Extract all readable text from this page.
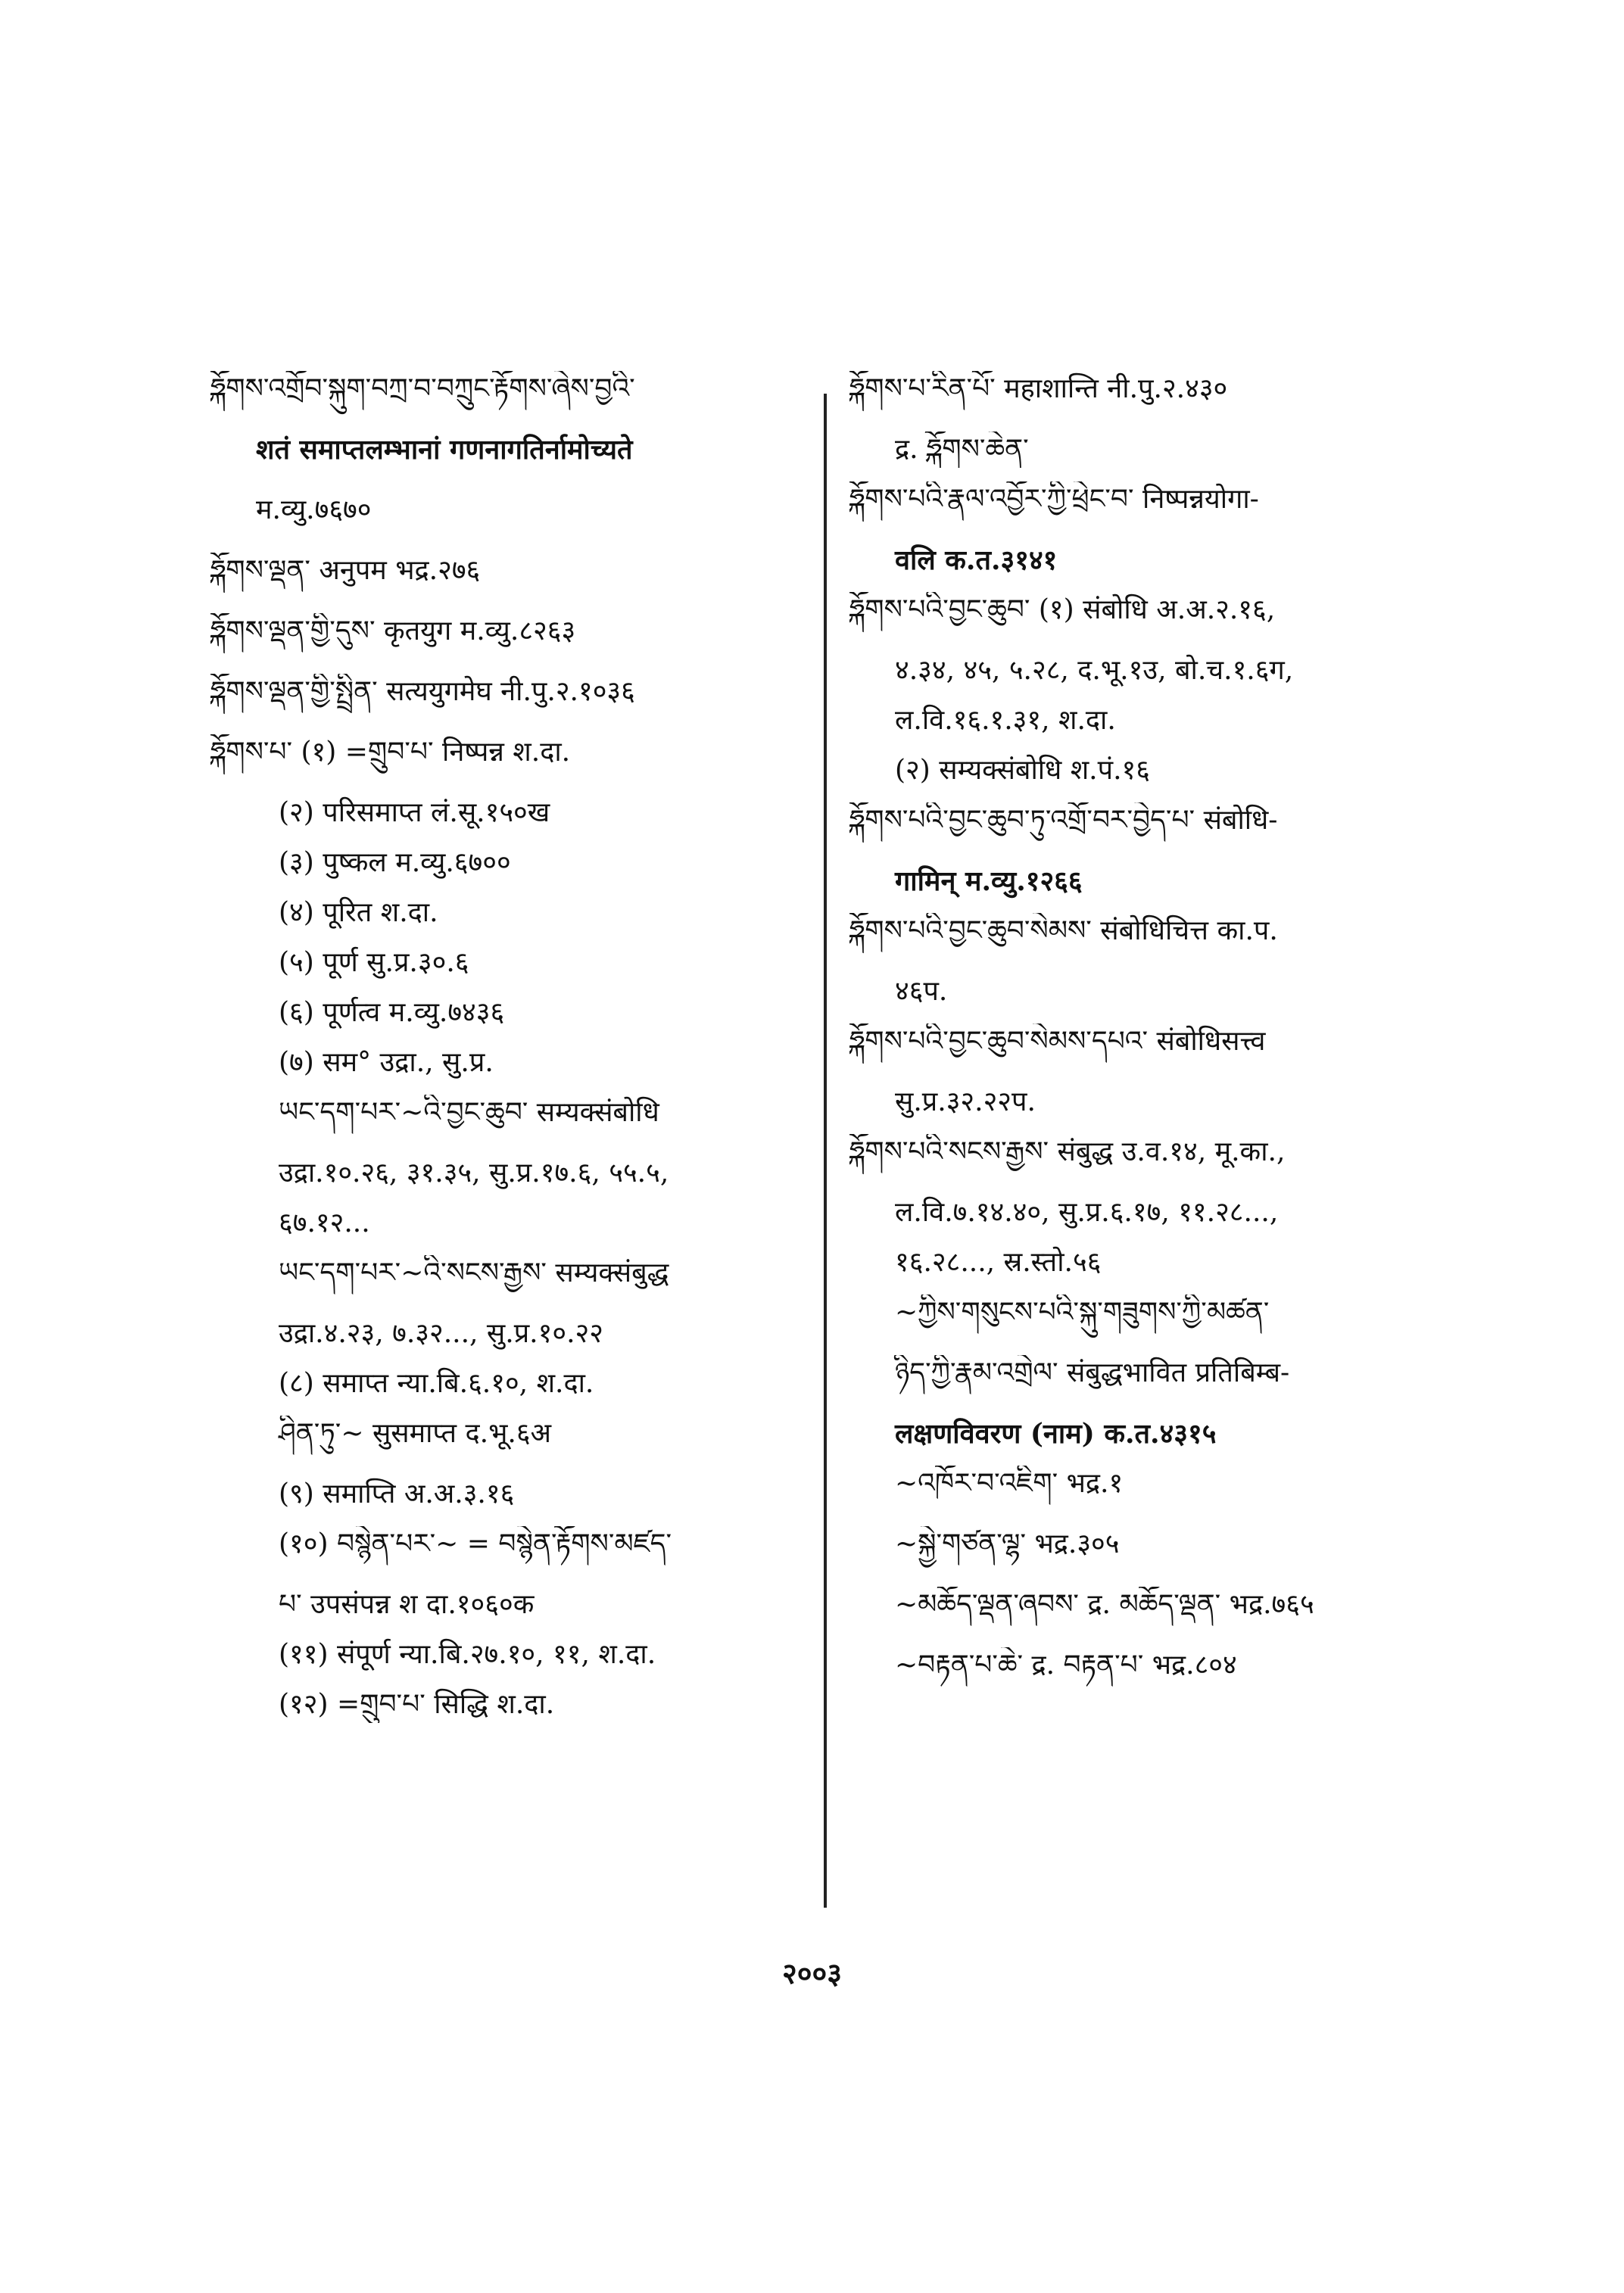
ཧྐོགས་འགྲོབ་སྐུག་བཀྲ་བ་བཀྲུང་རྟོགས་ཞེས་བྱའི་
शतं समाप्तलम्भानां गणनागतिर्नामोच्यते
म.व्यु.७६७०
ཧྐོགས་ལྡན་ अनुपम भद्र.२७६
ཧྐོགས་ལྡན་གྱི་དུས་ कृतयुग म.व्यु.८२६३
ཧྐོགས་ལྡན་གྱི་སྤྲིན་ सत्ययुगमेघ नी.पु.२.१०३६
ཧྐོགས་པ་ (१) =གྲུབ་པ་ निष्पन्न श.दा.
(२) परिसमाप्त लं.सू.१५०ख
(३) पुष्कल म.व्यु.६७००
(४) पूरित श.दा.
(५) पूर्ण सु.प्र.३०.६
(६) पूर्णत्व म.व्यु.७४३६
(७) सम° उद्रा., सु.प्र.
ཡང་དག་པར་~འི་བྱང་ཆུབ་ सम्यक्संबोधि
उद्रा.१०.२६, ३१.३५, सु.प्र.१७.६, ५५.५,
६७.१२...
ཡང་དག་པར་~འི་སངས་རྒྱས་ सम्यक्संबुद्ध
उद्रा.४.२३, ७.३२..., सु.प्र.१०.२२
(८) समाप्त न्या.बि.६.१०, श.दा.
ཤིན་ཏུ་~ सुसमाप्त द.भू.६अ
(९) समाप्ति अ.अ.३.१६
(१०) བསྙེན་པར་~ = བསྙེན་རྟོགས་མཛད་
པ་ उपसंपन्न श दा.१०६०क
(११) संपूर्ण न्या.बि.२७.१०, ११, श.दा.
(१२) =གྲུབ་པ་ सिद्धि श.दा.
ཧྐོགས་པ་རིན་པོ་ महाशान्ति नी.पु.२.४३०
द्र. ཧྐོགས་ཆེན་
ཧྐོགས་པའི་རྣལ་འབྱོར་ཀྱི་ཕྲེང་བ་ निष्पन्नयोगा-
वलि क.त.३१४१
ཧྐོགས་པའི་བྱང་ཆུབ་ (१) संबोधि अ.अ.२.१६,
४.३४, ४५, ५.२८, द.भू.१उ, बो.च.१.६ग,
ल.वि.१६.१.३१, श.दा.
(२) सम्यक्संबोधि श.पं.१६
ཧྐོགས་པའི་བྱང་ཆུབ་ཏུ་འགྲོ་བར་བྱེད་པ་ संबोधि-
गामिन् म.व्यु.१२६६
ཧྐོགས་པའི་བྱང་ཆུབ་སེམས་ संबोधिचित्त का.प.
४६प.
ཧྐོགས་པའི་བྱང་ཆུབ་སེམས་དཔའ་ संबोधिसत्त्व
सु.प्र.३२.२२प.
ཧྐོགས་པའི་སངས་རྒྱས་ संबुद्ध उ.व.१४, मू.का.,
ल.वि.७.१४.४०, सु.प्र.६.१७, ११.२८...,
१६.२८..., स्र.स्तो.५६
~ཀྱིས་གསུངས་པའི་སྐུ་གཟུགས་ཀྱི་མཚན་
ཉིད་ཀྱི་རྣམ་འགྲེལ་ संबुद्धभावित प्रतिबिम्ब-
लक्षणविवरण (नाम) क.त.४३१५
~འཁོར་བ་འཇིག་ भद्र.१
~སྐྱེ་གཙན་ལྷ་ भद्र.३०५
~མཆོད་ལྡན་ཞབས་ द्र. མཆོད་ལྡན་ भद्र.७६५
~བརྟན་པ་ཆེ་ द्र. བརྟན་པ་ भद्र.८०४
२००३
